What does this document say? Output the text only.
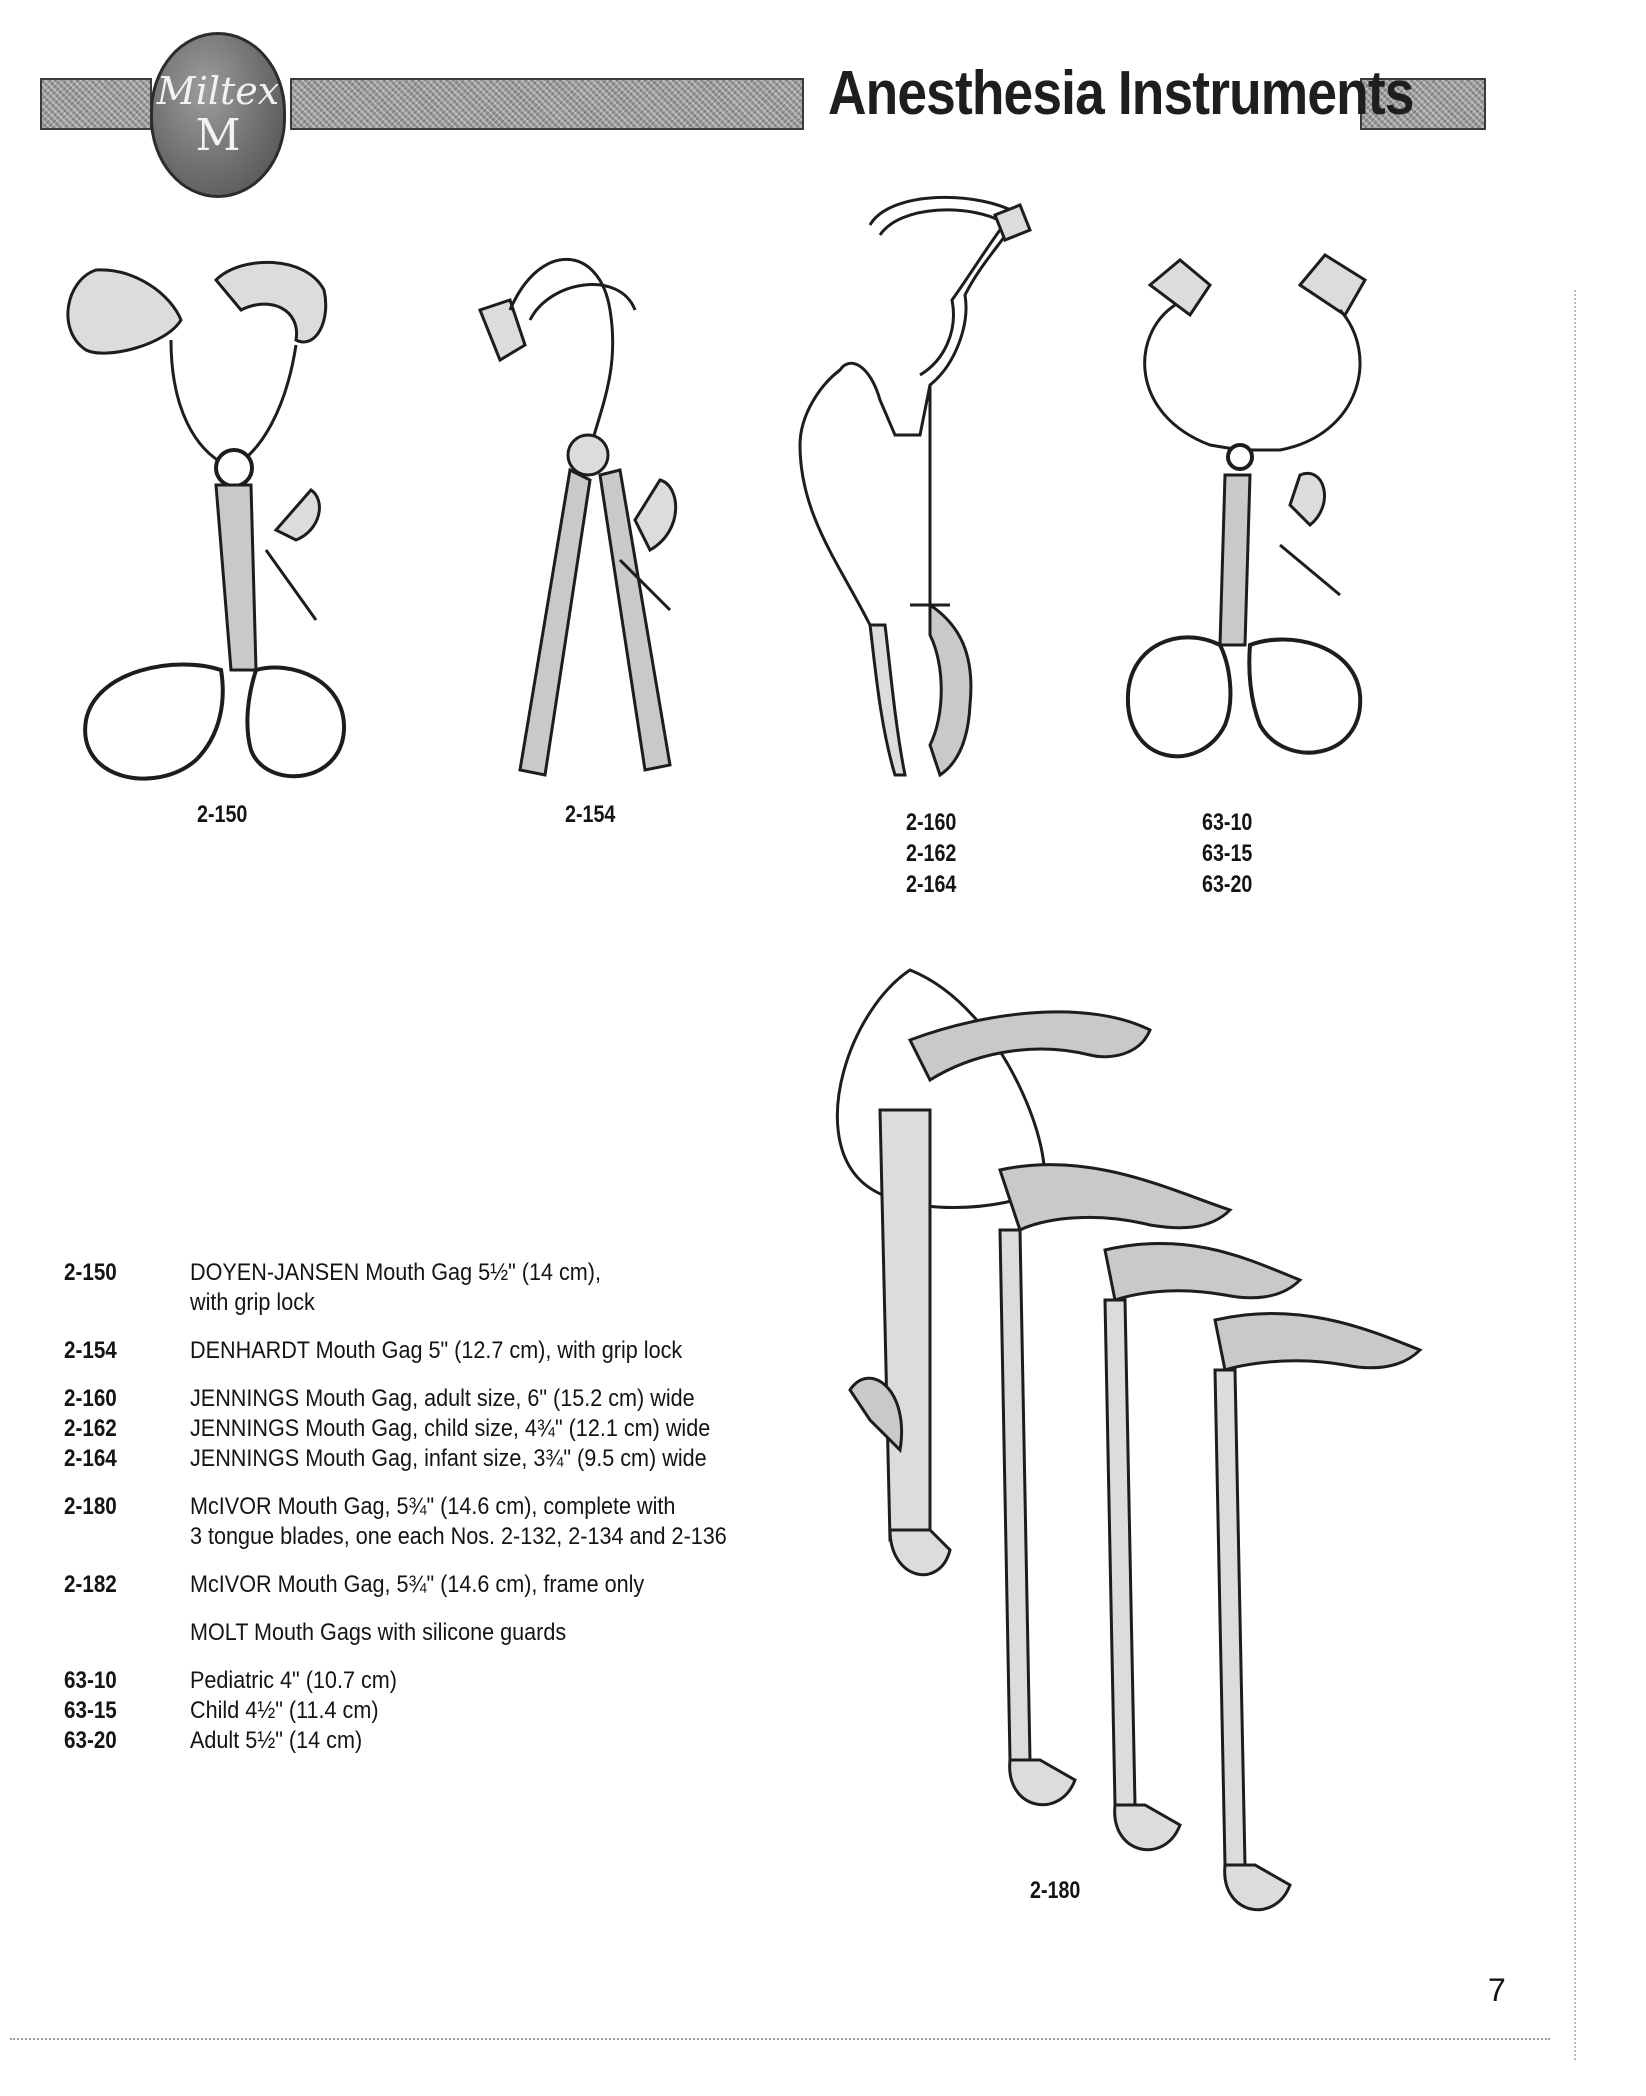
Miltex
M
Anesthesia Instruments
2-150	2-154	2-160
2-162
2-164
63-10
63-15
63-20
2-180
2-150	DOYEN-JANSEN Mouth Gag 5½" (14 cm),
with grip lock
2-154	DENHARDT Mouth Gag 5" (12.7 cm), with grip lock
2-160	JENNINGS Mouth Gag, adult size, 6" (15.2 cm) wide
2-162	JENNINGS Mouth Gag, child size, 4¾" (12.1 cm) wide
2-164	JENNINGS Mouth Gag, infant size, 3¾" (9.5 cm) wide
2-180	McIVOR Mouth Gag, 5¾" (14.6 cm), complete with
3 tongue blades, one each Nos. 2-132, 2-134 and 2-136
2-182	McIVOR Mouth Gag, 5¾" (14.6 cm), frame only
MOLT Mouth Gags with silicone guards
63-10	Pediatric 4" (10.7 cm)
63-15	Child 4½" (11.4 cm)
63-20	Adult 5½" (14 cm)
7
